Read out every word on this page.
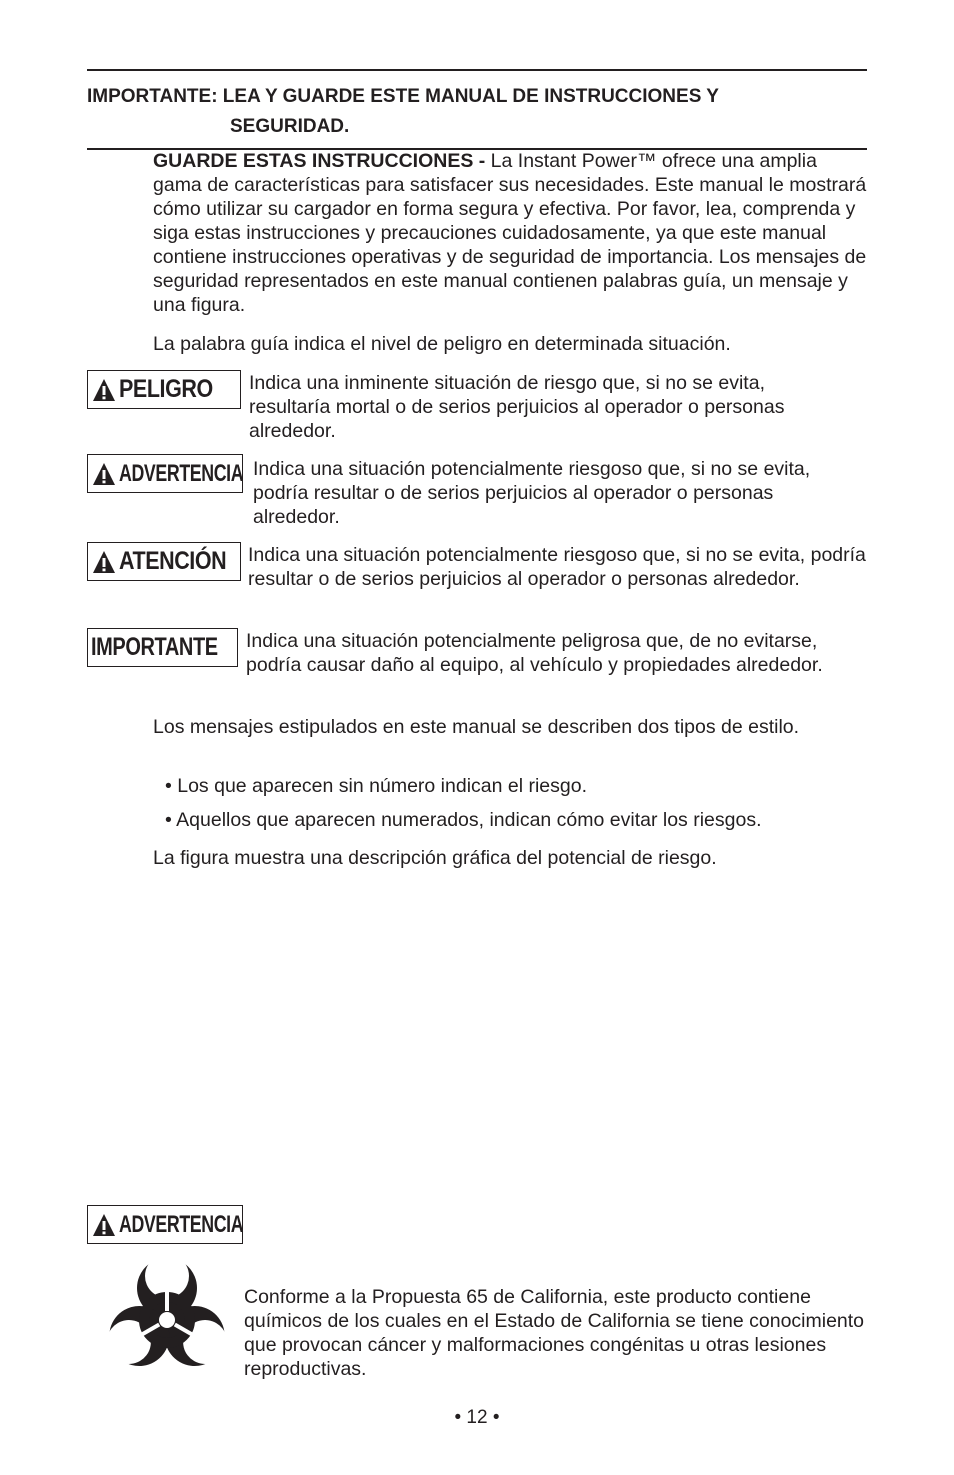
IMPORTANTE: LEA Y GUARDE ESTE MANUAL DE INSTRUCCIONES Y
SEGURIDAD.
GUARDE ESTAS INSTRUCCIONES - La Instant Power™ ofrece una amplia gama de características para satisfacer sus necesidades. Este manual le mostrará cómo utilizar su cargador en forma segura y efectiva. Por favor, lea, comprenda y siga estas instrucciones y precauciones cuidadosamente, ya que este manual contiene instrucciones operativas y de seguridad de importancia. Los mensajes de seguridad representados en este manual contienen palabras guía, un mensaje y una figura.
La palabra guía indica el nivel de peligro en determinada situación.
PELIGRO Indica una inminente situación de riesgo que, si no se evita, resultaría mortal o de serios perjuicios al operador o personas alrededor.
ADVERTENCIA Indica una situación potencialmente riesgoso que, si no se evita, podría resultar o de serios perjuicios al operador o personas alrededor.
ATENCIÓN Indica una situación potencialmente riesgoso que, si no se evita, podría resultar o de serios perjuicios al operador o personas alrededor.
IMPORTANTE Indica una situación potencialmente peligrosa que, de no evitarse, podría causar daño al equipo, al vehículo y propiedades alrededor.
Los mensajes estipulados en este manual se describen dos tipos de estilo.
• Los que aparecen sin número indican el riesgo.
• Aquellos que aparecen numerados, indican cómo evitar los riesgos.
La figura muestra una descripción gráfica del potencial de riesgo.
ADVERTENCIA
Conforme a la Propuesta 65 de California, este producto contiene químicos de los cuales en el Estado de California se tiene conocimiento que provocan cáncer y malformaciones congénitas u otras lesiones reproductivas.
• 12 •
